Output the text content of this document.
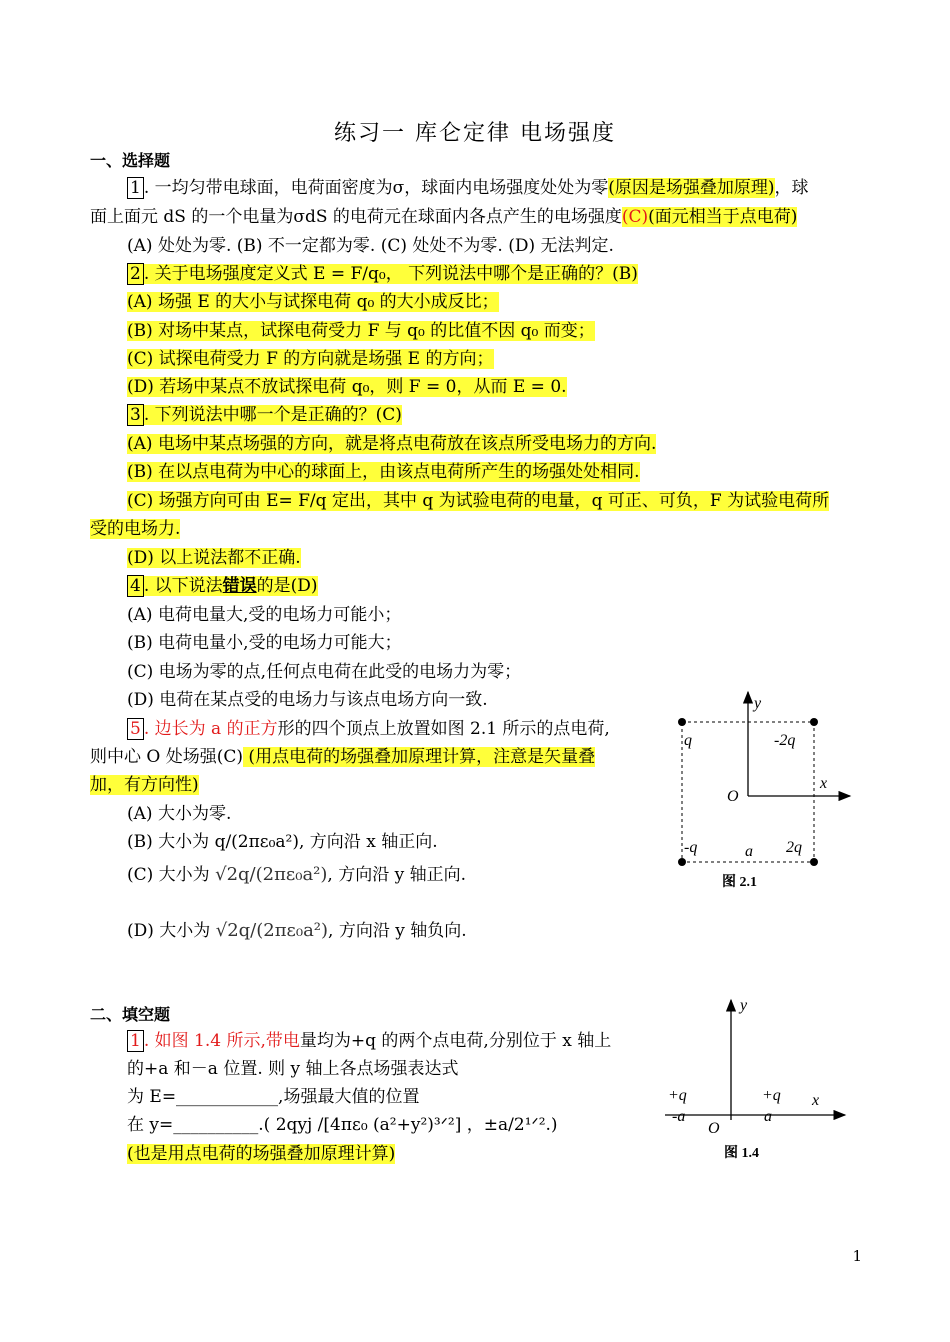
练习一 库仑定律 电场强度
一、选择题
1 . 一均匀带电球面，电荷面密度为σ，球面内电场强度处处为零(原因是场强叠加原理)，球
面上面元 dS 的一个电量为σdS 的电荷元在球面内各点产生的电场强度(C)(面元相当于点电荷)
(A) 处处为零. (B) 不一定都为零. (C) 处处不为零. (D) 无法判定.
2 . 关于电场强度定义式 E = F/q₀， 下列说法中哪个是正确的？(B)
(A) 场强 E 的大小与试探电荷 q₀ 的大小成反比；
(B) 对场中某点，试探电荷受力 F 与 q₀ 的比值不因 q₀ 而变；
(C) 试探电荷受力 F 的方向就是场强 E 的方向；
(D) 若场中某点不放试探电荷 q₀，则 F = 0，从而 E = 0.
3 . 下列说法中哪一个是正确的？(C)
(A) 电场中某点场强的方向，就是将点电荷放在该点所受电场力的方向.
(B) 在以点电荷为中心的球面上，由该点电荷所产生的场强处处相同.
(C) 场强方向可由 E= F/q 定出，其中 q 为试验电荷的电量，q 可正、可负，F 为试验电荷所
受的电场力.
(D) 以上说法都不正确.
4 . 以下说法错误的是(D)
(A) 电荷电量大,受的电场力可能小；
(B) 电荷电量小,受的电场力可能大；
(C) 电场为零的点,任何点电荷在此受的电场力为零；
(D) 电荷在某点受的电场力与该点电场方向一致.
5 . 边长为 a 的正方形的四个顶点上放置如图 2.1 所示的点电荷,
则中心 O 处场强(C) (用点电荷的场强叠加原理计算，注意是矢量叠
加，有方向性)
(A) 大小为零.
(B) 大小为 q/(2πε₀a²), 方向沿 x 轴正向.
(C) 大小为 √2q/(2πε₀a²), 方向沿 y 轴正向.
(D) 大小为 √2q/(2πε₀a²), 方向沿 y 轴负向.
y
x
O
q	-2q
-q	2q
a
图 2.1
二、填空题
1 . 如图 1.4 所示,带电量均为+q 的两个点电荷,分别位于 x 轴上
的+a 和－a 位置. 则 y 轴上各点场强表达式
为 E=____________,场强最大值的位置
在 y=__________.( 2qyj /[4πε₀ (a²+y²)³ᐟ²] ，±a/2¹ᐟ².)
(也是用点电荷的场强叠加原理计算)
y
x
O
+q	+q
-a	a
图 1.4
1
